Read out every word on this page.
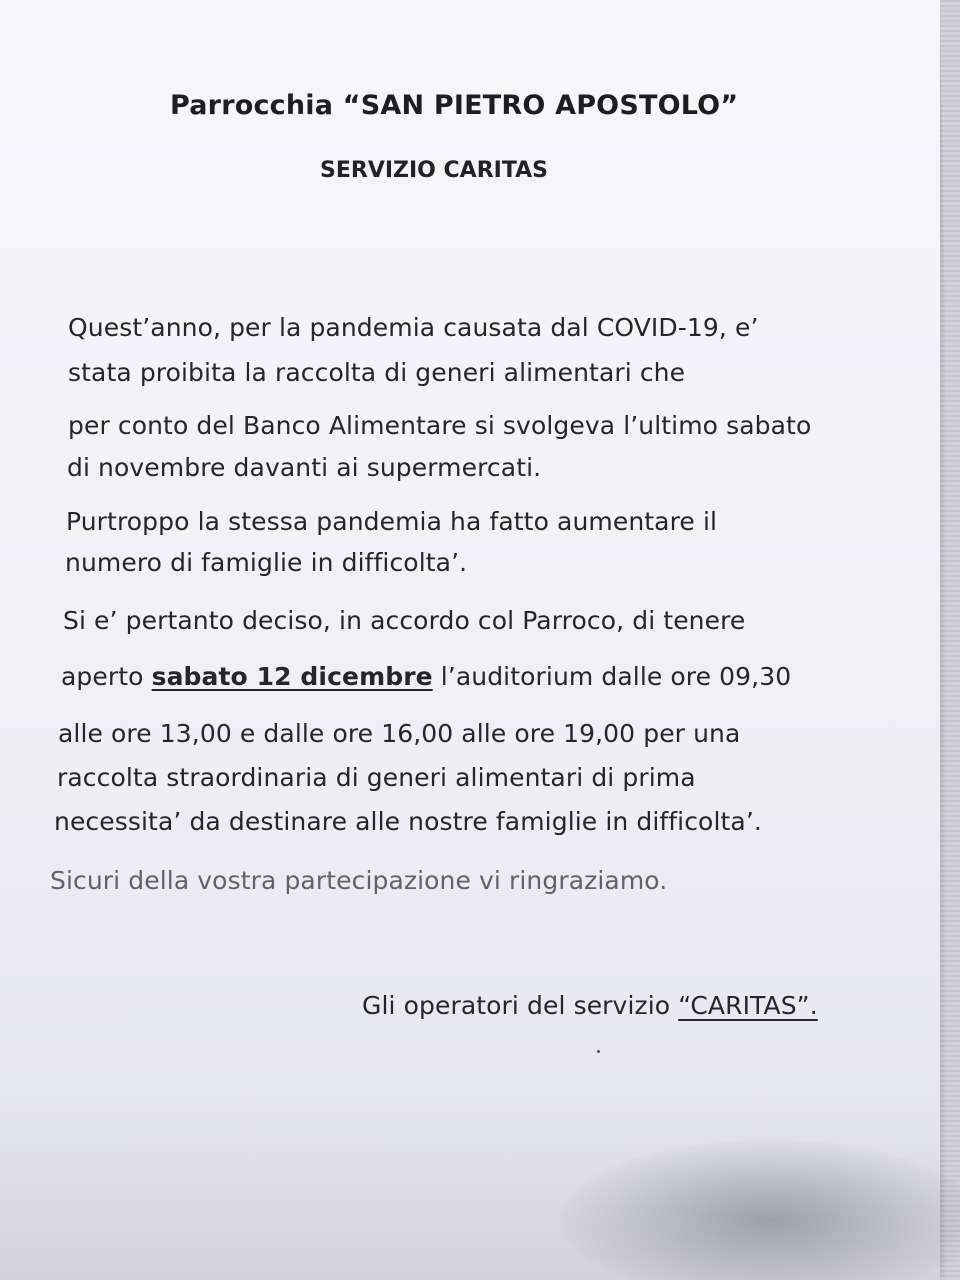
Parrocchia “SAN PIETRO APOSTOLO”
SERVIZIO CARITAS
Quest’anno, per la pandemia causata dal COVID-19, e’
stata proibita la raccolta di generi alimentari che
per conto del Banco Alimentare si svolgeva l’ultimo sabato
di novembre davanti ai supermercati.
Purtroppo la stessa pandemia ha fatto aumentare il
numero di famiglie in difficolta’.
Si e’ pertanto deciso, in accordo col Parroco, di tenere
aperto sabato 12 dicembre l’auditorium dalle ore 09,30
alle ore 13,00 e dalle ore 16,00 alle ore 19,00 per una
raccolta straordinaria di generi alimentari di prima
necessita’ da destinare alle nostre famiglie in difficolta’.
Sicuri della vostra partecipazione vi ringraziamo.
Gli operatori del servizio “CARITAS”.
